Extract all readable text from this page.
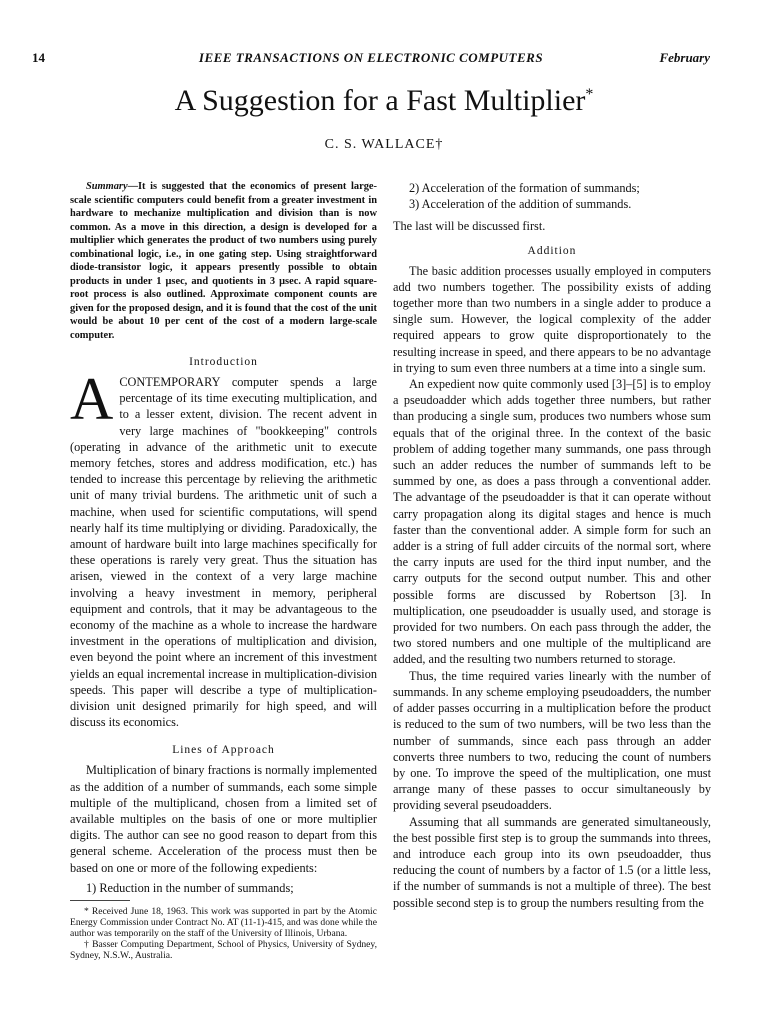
14	IEEE TRANSACTIONS ON ELECTRONIC COMPUTERS	February
A Suggestion for a Fast Multiplier*
C. S. WALLACE†

Summary—It is suggested that the economics of present large-scale scientific computers could benefit from a greater investment in hardware to mechanize multiplication and division than is now common. As a move in this direction, a design is developed for a multiplier which generates the product of two numbers using purely combinational logic, i.e., in one gating step. Using straightforward diode-transistor logic, it appears presently possible to obtain products in under 1 μsec, and quotients in 3 μsec. A rapid square-root process is also outlined. Approximate component counts are given for the proposed design, and it is found that the cost of the unit would be about 10 per cent of the cost of a modern large-scale computer.

Introduction

ACONTEMPORARY computer spends a large percentage of its time executing multiplication, and to a lesser extent, division. The recent advent in very large machines of "bookkeeping" controls (operating in advance of the arithmetic unit to execute memory fetches, stores and address modification, etc.) has tended to increase this percentage by relieving the arithmetic unit of many trivial burdens. The arithmetic unit of such a machine, when used for scientific computations, will spend nearly half its time multiplying or dividing. Paradoxically, the amount of hardware built into large machines specifically for these operations is rarely very great. Thus the situation has arisen, viewed in the context of a very large machine involving a heavy investment in memory, peripheral equipment and controls, that it may be advantageous to the economy of the machine as a whole to increase the hardware investment in the operations of multiplication and division, even beyond the point where an increment of this investment yields an equal incremental increase in multiplication-division speeds. This paper will describe a type of multiplication-division unit designed primarily for high speed, and will discuss its economics.

Lines of Approach

Multiplication of binary fractions is normally implemented as the addition of a number of summands, each some simple multiple of the multiplicand, chosen from a limited set of available multiples on the basis of one or more multiplier digits. The author can see no good reason to depart from this general scheme. Acceleration of the process must then be based on one or more of the following expedients:

1) Reduction in the number of summands;

* Received June 18, 1963. This work was supported in part by the Atomic Energy Commission under Contract No. AT (11-1)-415, and was done while the author was temporarily on the staff of the University of Illinois, Urbana.

† Basser Computing Department, School of Physics, University of Sydney, Sydney, N.S.W., Australia.

2) Acceleration of the formation of summands;

3) Acceleration of the addition of summands.

The last will be discussed first.

Addition

The basic addition processes usually employed in computers add two numbers together. The possibility exists of adding together more than two numbers in a single adder to produce a single sum. However, the logical complexity of the adder required appears to grow quite disproportionately to the resulting increase in speed, and there appears to be no advantage in trying to sum even three numbers at a time into a single sum.

An expedient now quite commonly used [3]–[5] is to employ a pseudoadder which adds together three numbers, but rather than producing a single sum, produces two numbers whose sum equals that of the original three. In the context of the basic problem of adding together many summands, one pass through such an adder reduces the number of summands left to be summed by one, as does a pass through a conventional adder. The advantage of the pseudoadder is that it can operate without carry propagation along its digital stages and hence is much faster than the conventional adder. A simple form for such an adder is a string of full adder circuits of the normal sort, where the carry inputs are used for the third input number, and the carry outputs for the second output number. This and other possible forms are discussed by Robertson [3]. In multiplication, one pseudoadder is usually used, and storage is provided for two numbers. On each pass through the adder, the two stored numbers and one multiple of the multiplicand are added, and the resulting two numbers returned to storage.

Thus, the time required varies linearly with the number of summands. In any scheme employing pseudoadders, the number of adder passes occurring in a multiplication before the product is reduced to the sum of two numbers, will be two less than the number of summands, since each pass through an adder converts three numbers to two, reducing the count of numbers by one. To improve the speed of the multiplication, one must arrange many of these passes to occur simultaneously by providing several pseudoadders.

Assuming that all summands are generated simultaneously, the best possible first step is to group the summands into threes, and introduce each group into its own pseudoadder, thus reducing the count of numbers by a factor of 1.5 (or a little less, if the number of summands is not a multiple of three). The best possible second step is to group the numbers resulting from the
